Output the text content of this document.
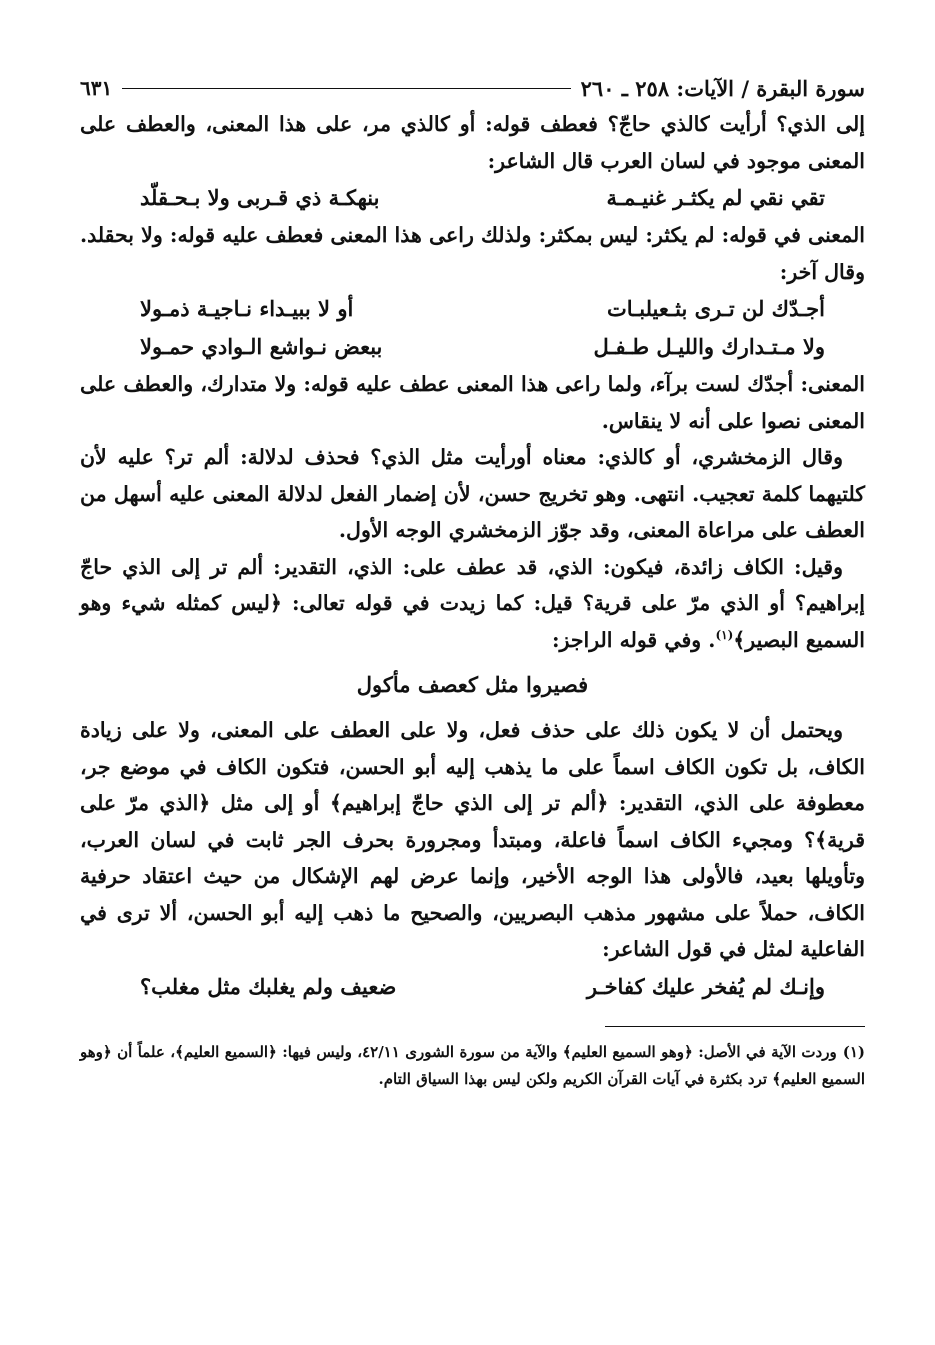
سورة البقرة / الآيات: ٢٥٨ ـ ٢٦٠
٦٣١

إلى الذي؟ أرأيت كالذي حاجّ؟ فعطف قوله: أو كالذي مر، على هذا المعنى، والعطف على المعنى موجود في لسان العرب قال الشاعر:

تقي نقي لم يكثـر غنيـمـة
بنهكـة ذي قـربى ولا بـحـقلّد

المعنى في قوله: لم يكثر: ليس بمكثر: ولذلك راعى هذا المعنى فعطف عليه قوله: ولا بحقلد. وقال آخر:

أجـدّك لن تـرى بثـعيلبـات
أو لا ببيـداء نـاجيـة ذمـولا
ولا مـتـدارك والليـل طـفـل
ببعض نـواشع الـوادي حمـولا

المعنى: أجدّك لست برآء، ولما راعى هذا المعنى عطف عليه قوله: ولا متدارك، والعطف على المعنى نصوا على أنه لا ينقاس.

وقال الزمخشري، أو كالذي: معناه أورأيت مثل الذي؟ فحذف لدلالة: ألم تر؟ عليه لأن كلتيهما كلمة تعجيب. انتهى. وهو تخريج حسن، لأن إضمار الفعل لدلالة المعنى عليه أسهل من العطف على مراعاة المعنى، وقد جوّز الزمخشري الوجه الأول.

وقيل: الكاف زائدة، فيكون: الذي، قد عطف على: الذي، التقدير: ألم تر إلى الذي حاجّ إبراهيم؟ أو الذي مرّ على قرية؟ قيل: كما زيدت في قوله تعالى: ﴿ليس كمثله شيء وهو السميع البصير﴾$^{(١)}$. وفي قوله الراجز:

فصيروا مثل كعصف مأكول

ويحتمل أن لا يكون ذلك على حذف فعل، ولا على العطف على المعنى، ولا على زيادة الكاف، بل تكون الكاف اسماً على ما يذهب إليه أبو الحسن، فتكون الكاف في موضع جر، معطوفة على الذي، التقدير: ﴿ألم تر إلى الذي حاجّ إبراهيم﴾ أو إلى مثل ﴿الذي مرّ على قرية﴾؟ ومجيء الكاف اسماً فاعلة، ومبتدأ ومجرورة بحرف الجر ثابت في لسان العرب، وتأويلها بعيد، فالأولى هذا الوجه الأخير، وإنما عرض لهم الإشكال من حيث اعتقاد حرفية الكاف، حملاً على مشهور مذهب البصريين، والصحيح ما ذهب إليه أبو الحسن، ألا ترى في الفاعلية لمثل في قول الشاعر:

وإنـك لم يُفخر عليك كفاخـر
ضعيف ولم يغلبك مثل مغلب؟
(١)وردت الآية في الأصل: ﴿وهو السميع العليم﴾ والآية من سورة الشورى ٤٢/١١، وليس فيها: ﴿السميع العليم﴾، علماً أن ﴿وهو السميع العليم﴾ ترد بكثرة في آيات القرآن الكريم ولكن ليس بهذا السياق التام.
